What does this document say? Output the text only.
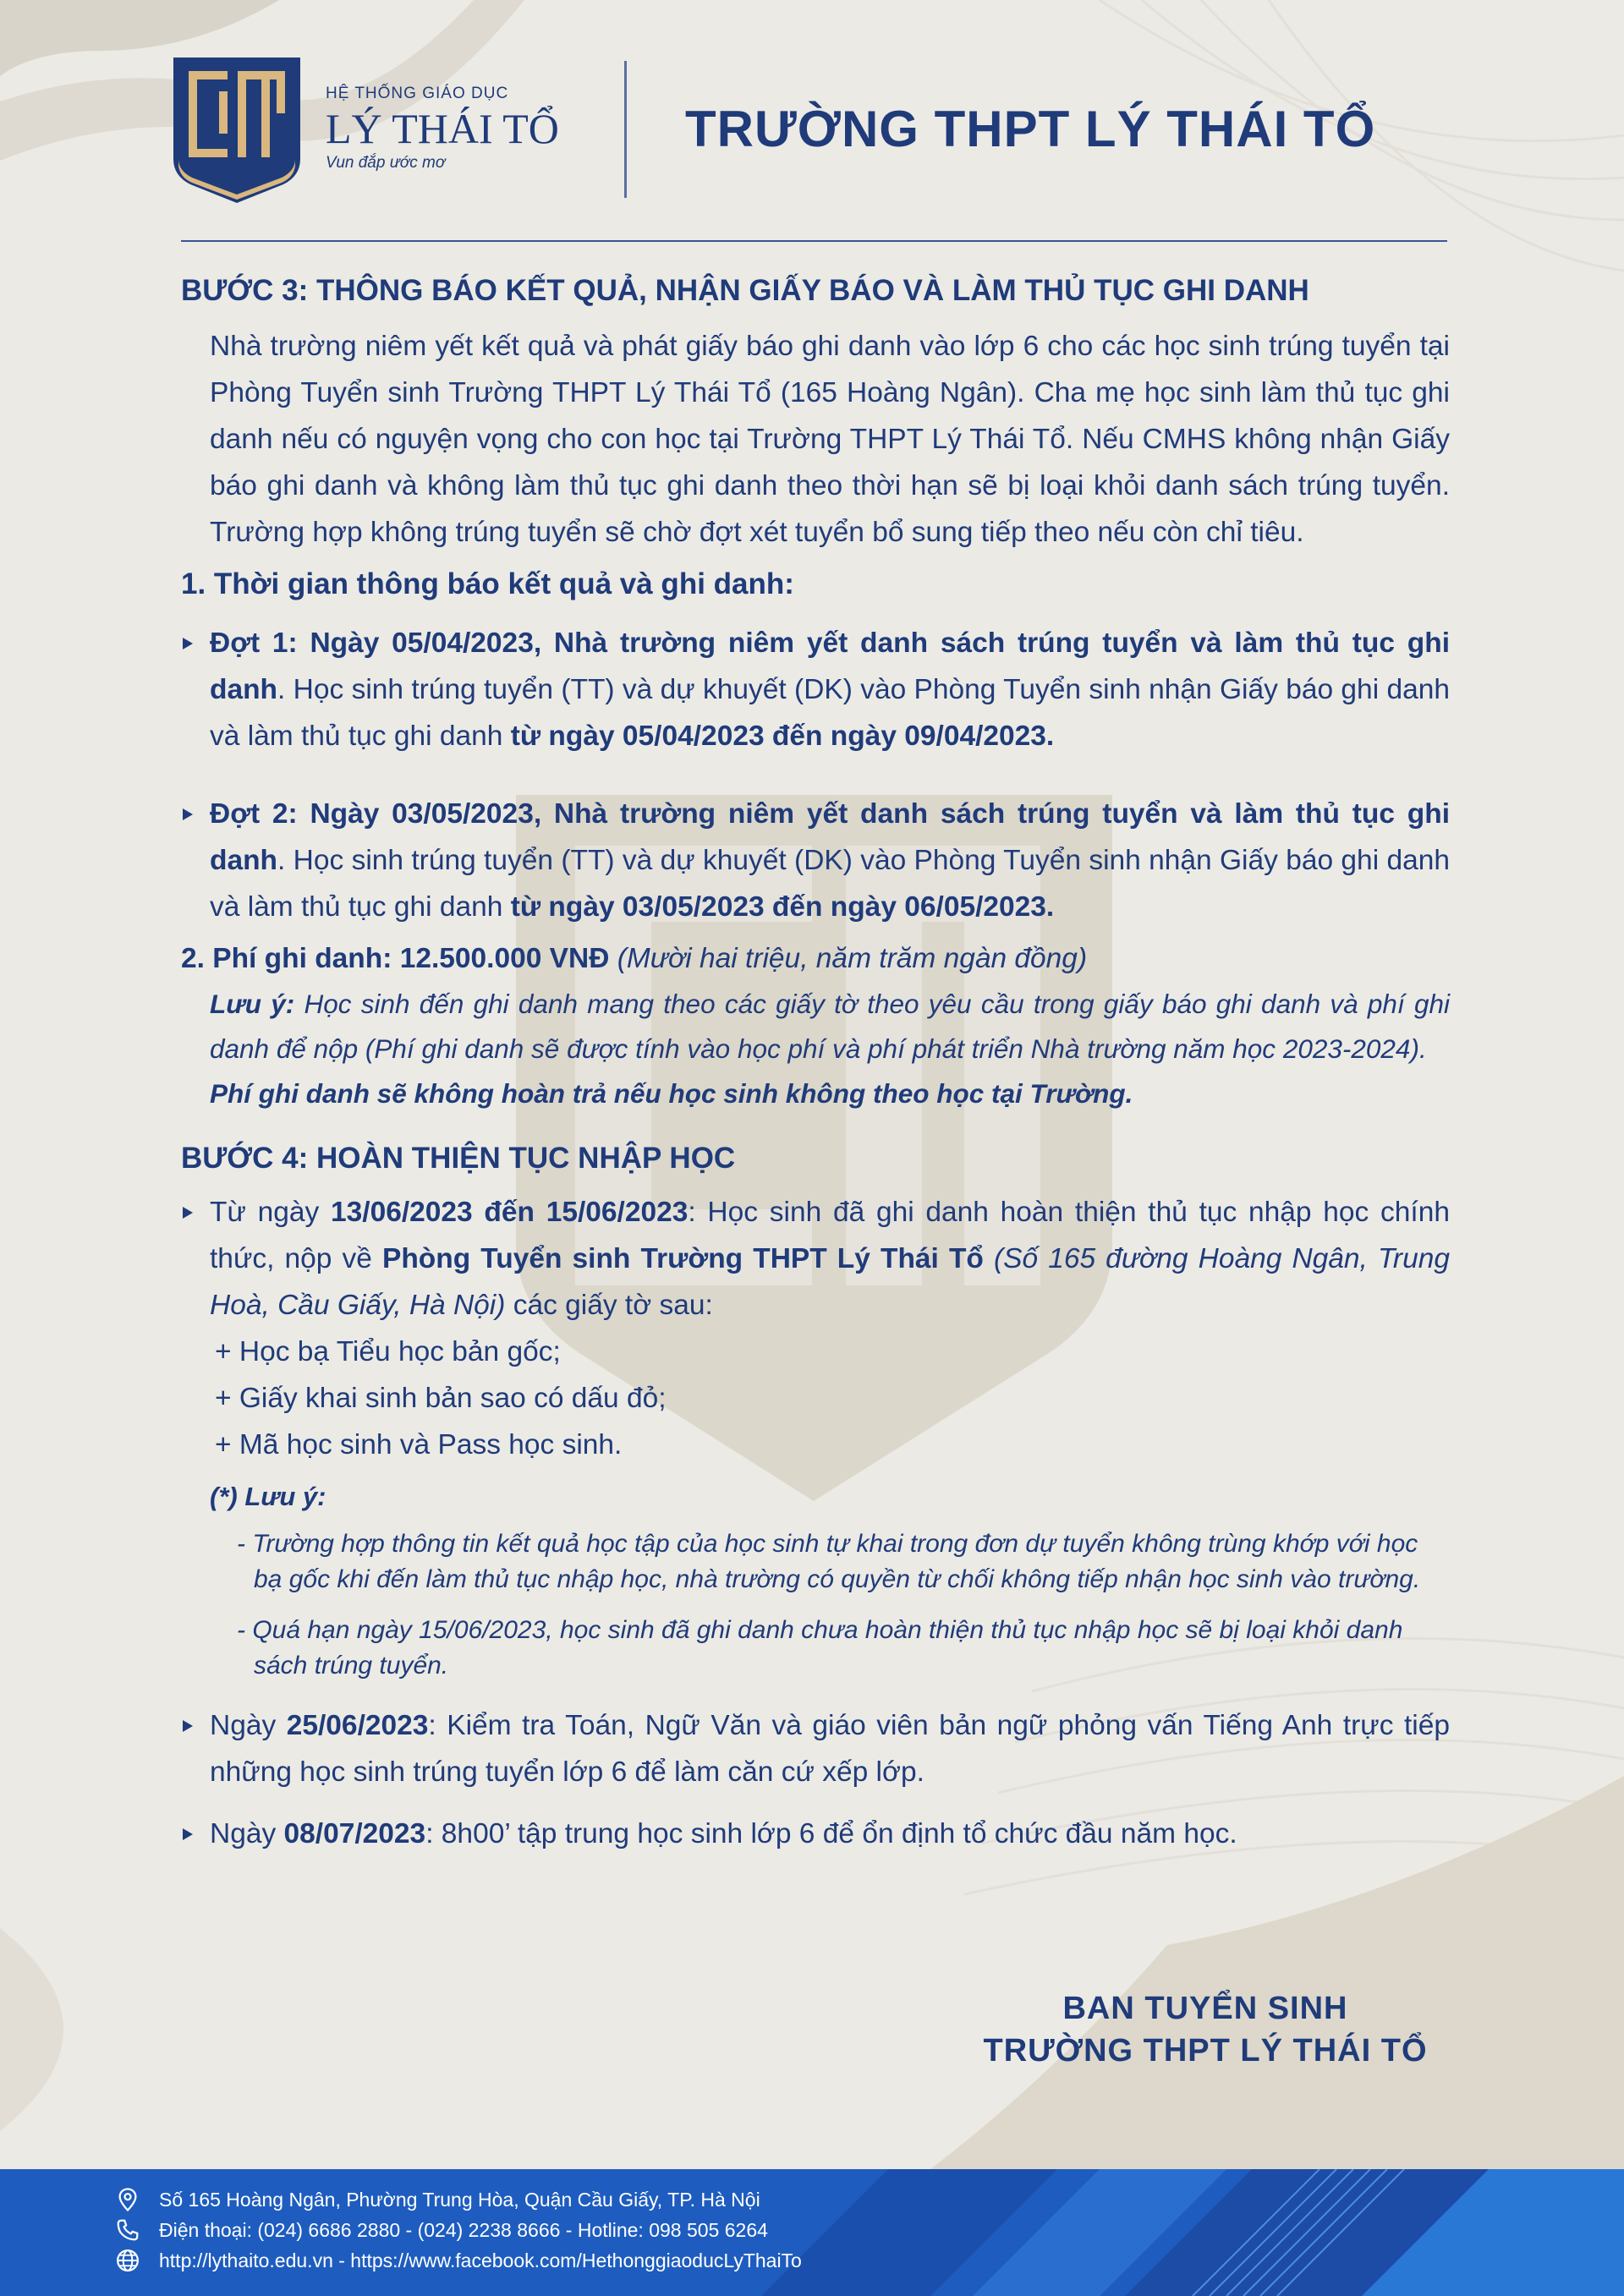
HỆ THỐNG GIÁO DỤC
LÝ THÁI TỔ
Vun đắp ước mơ
TRƯỜNG THPT LÝ THÁI TỔ

BƯỚC 3: THÔNG BÁO KẾT QUẢ, NHẬN GIẤY BÁO VÀ LÀM THỦ TỤC GHI DANH

Nhà trường niêm yết kết quả và phát giấy báo ghi danh vào lớp 6 cho các học sinh trúng tuyển tại Phòng Tuyển sinh Trường THPT Lý Thái Tổ (165 Hoàng Ngân). Cha mẹ học sinh làm thủ tục ghi danh nếu có nguyện vọng cho con học tại Trường THPT Lý Thái Tổ. Nếu CMHS không nhận Giấy báo ghi danh và không làm thủ tục ghi danh theo thời hạn sẽ bị loại khỏi danh sách trúng tuyển. Trường hợp không trúng tuyển sẽ chờ đợt xét tuyển bổ sung tiếp theo nếu còn chỉ tiêu.

1. Thời gian thông báo kết quả và ghi danh:

Đợt 1: Ngày 05/04/2023, Nhà trường niêm yết danh sách trúng tuyển và làm thủ tục ghi danh. Học sinh trúng tuyển (TT) và dự khuyết (DK) vào Phòng Tuyển sinh nhận Giấy báo ghi danh và làm thủ tục ghi danh từ ngày 05/04/2023 đến ngày 09/04/2023.

Đợt 2: Ngày 03/05/2023, Nhà trường niêm yết danh sách trúng tuyển và làm thủ tục ghi danh. Học sinh trúng tuyển (TT) và dự khuyết (DK) vào Phòng Tuyển sinh nhận Giấy báo ghi danh và làm thủ tục ghi danh từ ngày 03/05/2023 đến ngày 06/05/2023.

2. Phí ghi danh: 12.500.000 VNĐ (Mười hai triệu, năm trăm ngàn đồng)

Lưu ý: Học sinh đến ghi danh mang theo các giấy tờ theo yêu cầu trong giấy báo ghi danh và phí ghi danh để nộp (Phí ghi danh sẽ được tính vào học phí và phí phát triển Nhà trường năm học 2023-2024).
Phí ghi danh sẽ không hoàn trả nếu học sinh không theo học tại Trường.

BƯỚC 4: HOÀN THIỆN TỤC NHẬP HỌC

Từ ngày 13/06/2023 đến 15/06/2023: Học sinh đã ghi danh hoàn thiện thủ tục nhập học chính thức, nộp về Phòng Tuyển sinh Trường THPT Lý Thái Tổ (Số 165 đường Hoàng Ngân, Trung Hoà, Cầu Giấy, Hà Nội) các giấy tờ sau:

+ Học bạ Tiểu học bản gốc;

+ Giấy khai sinh bản sao có dấu đỏ;

+ Mã học sinh và Pass học sinh.

(*) Lưu ý:

- Trường hợp thông tin kết quả học tập của học sinh tự khai trong đơn dự tuyển không trùng khớp với học bạ gốc khi đến làm thủ tục nhập học, nhà trường có quyền từ chối không tiếp nhận học sinh vào trường.

- Quá hạn ngày 15/06/2023, học sinh đã ghi danh chưa hoàn thiện thủ tục nhập học sẽ bị loại khỏi danh sách trúng tuyển.

Ngày 25/06/2023: Kiểm tra Toán, Ngữ Văn và giáo viên bản ngữ phỏng vấn Tiếng Anh trực tiếp những học sinh trúng tuyển lớp 6 để làm căn cứ xếp lớp.

Ngày 08/07/2023: 8h00’ tập trung học sinh lớp 6 để ổn định tổ chức đầu năm học.

BAN TUYỂN SINH
TRƯỜNG THPT LÝ THÁI TỔ
Số 165 Hoàng Ngân, Phường Trung Hòa, Quận Cầu Giấy, TP. Hà Nội
Điện thoại: (024) 6686 2880 - (024) 2238 8666 - Hotline: 098 505 6264
http://lythaito.edu.vn - https://www.facebook.com/HethonggiaoducLyThaiTo
